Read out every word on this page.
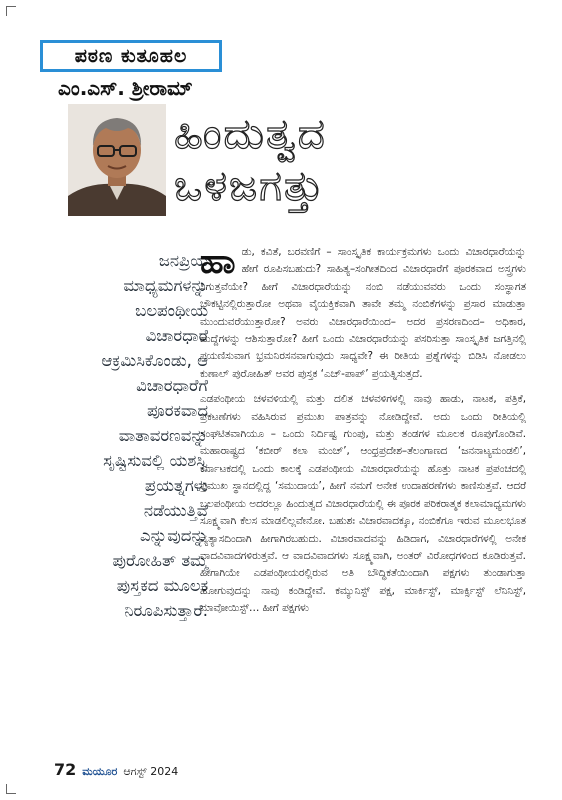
ಪಠಣ ಕುತೂಹಲ
ಎಂ.ಎಸ್. ಶ್ರೀರಾಮ್
ಹಿಂದುತ್ವದ
ಒಳಜಗತ್ತು
ಜನಪ್ರಿಯ ಮಾಧ್ಯಮಗಳನ್ನು ಬಲಪಂಥೀಯ ವಿಚಾರಧಾರೆ ಆಕ್ರಮಿಸಿಕೊಂಡು, ಆ ವಿಚಾರಧಾರೆಗೆ ಪೂರಕವಾದ ವಾತಾವರಣವನ್ನು ಸೃಷ್ಟಿಸುವಲ್ಲಿ ಯಶಸ್ವಿ ಪ್ರಯತ್ನಗಳು ನಡೆಯುತ್ತಿವೆ ಎನ್ನುವುದನ್ನು ಪುರೋಹಿತ್ ತಮ್ಮ ಪುಸ್ತಕದ ಮೂಲಕ ನಿರೂಪಿಸುತ್ತಾರೆ.

ಹಾಡು, ಕವಿತೆ, ಬರವಣಿಗೆ – ಸಾಂಸ್ಕೃತಿಕ ಕಾರ್ಯಕ್ರಮಗಳು ಒಂದು ವಿಚಾರಧಾರೆಯನ್ನು ಹೇಗೆ ರೂಪಿಸಬಹುದು? ಸಾಹಿತ್ಯ–ಸಂಗೀತದಿಂದ ವಿಚಾರಧಾರೆಗೆ ಪೂರಕವಾದ ಅಸ್ತ್ರಗಳು ಸಿಗುತ್ತವೆಯೇ? ಹೀಗೆ ವಿಚಾರಧಾರೆಯನ್ನು ನಂಬಿ ನಡೆಯುವವರು ಒಂದು ಸಂಸ್ಥಾಗತ ಚೌಕಟ್ಟಿನಲ್ಲಿರುತ್ತಾರೋ ಅಥವಾ ವೈಯಕ್ತಿಕವಾಗಿ ತಾವೇ ತಮ್ಮ ನಂಬಿಕೆಗಳನ್ನು ಪ್ರಸಾರ ಮಾಡುತ್ತಾ ಮುಂದುವರೆಯುತ್ತಾರೋ? ಅವರು ವಿಚಾರಧಾರೆಯಿಂದ– ಅದರ ಪ್ರಸರಣದಿಂದ– ಅಧಿಕಾರ, ಹುದ್ದೆಗಳನ್ನು ಆಶಿಸುತ್ತಾರೋ? ಹೀಗೆ ಒಂದು ವಿಚಾರಧಾರೆಯನ್ನು ಪಸರಿಸುತ್ತಾ ಸಾಂಸ್ಕೃತಿಕ ಜಗತ್ತಿನಲ್ಲಿ ಪಯಣಿಸುವಾಗ ಭ್ರಮನಿರಸನವಾಗುವುದು ಸಾಧ್ಯವೇ? ಈ ರೀತಿಯ ಪ್ರಶ್ನೆಗಳನ್ನು ಬಿಡಿಸಿ ನೋಡಲು ಕುಣಾಲ್ ಪುರೋಹಿತ್ ಅವರ ಪುಸ್ತಕ ‘ಎಚ್-ಪಾಪ್’ ಪ್ರಯತ್ನಿಸುತ್ತದೆ.

ಎಡಪಂಥೀಯ ಚಳವಳಿಯಲ್ಲಿ ಮತ್ತು ದಲಿತ ಚಳವಳಿಗಳಲ್ಲಿ ನಾವು ಹಾಡು, ನಾಟಕ, ಪತ್ರಿಕೆ, ಪ್ರಕಟಣೆಗಳು ವಹಿಸಿರುವ ಪ್ರಮುಖ ಪಾತ್ರವನ್ನು ನೋಡಿದ್ದೇವೆ. ಅದು ಒಂದು ರೀತಿಯಲ್ಲಿ ಸಂಘಟಿತವಾಗಿಯೂ – ಒಂದು ನಿರ್ದಿಷ್ಟ ಗುಂಪು, ಮತ್ತು ತಂಡಗಳ ಮೂಲಕ ರೂಪುಗೊಂಡಿವೆ. ಮಹಾರಾಷ್ಟ್ರದ ‘ಕಬೀರ್ ಕಲಾ ಮಂಚ್’, ಆಂಧ್ರಪ್ರದೇಶ–ತೆಲಂಗಾಣದ ‘ಜನನಾಟ್ಯಮಂಡಲಿ’, ಕರ್ನಾಟಕದಲ್ಲಿ ಒಂದು ಕಾಲಕ್ಕೆ ಎಡಪಂಥೀಯ ವಿಚಾರಧಾರೆಯನ್ನು ಹೊತ್ತು ನಾಟಕ ಪ್ರಪಂಚದಲ್ಲಿ ಪ್ರಮುಖ ಸ್ಥಾನದಲ್ಲಿದ್ದ ‘ಸಮುದಾಯ’, ಹೀಗೆ ನಮಗೆ ಅನೇಕ ಉದಾಹರಣೆಗಳು ಕಾಣಿಸುತ್ತವೆ. ಆದರೆ ಬಲಪಂಥೀಯ ಅದರಲ್ಲೂ ಹಿಂದುತ್ವದ ವಿಚಾರಧಾರೆಯಲ್ಲಿ ಈ ಪೂರಕ ಪರಿಕರಾತ್ಮಕ ಕಲಾಮಾಧ್ಯಮಗಳು ಸೂಕ್ಷ್ಮವಾಗಿ ಕೆಲಸ ಮಾಡಲಿಲ್ಲವೇನೋ. ಬಹುಶಃ ವಿಚಾರವಾದಕ್ಕೂ, ನಂಬಿಕೆಗೂ ಇರುವ ಮೂಲಭೂತ ವ್ಯತ್ಯಾಸದಿಂದಾಗಿ ಹೀಗಾಗಿರಬಹುದು. ವಿಚಾರವಾದವನ್ನು ಹಿಡಿದಾಗ, ವಿಚಾರಧಾರೆಗಳಲ್ಲಿ ಅನೇಕ ವಾದವಿವಾದಗಳಿರುತ್ತವೆ. ಆ ವಾದವಿವಾದಗಳು ಸೂಕ್ಷ್ಮವಾಗಿ, ಅಂತರ್ ವಿರೋಧಗಳಿಂದ ಕೂಡಿರುತ್ತವೆ. ಹೀಗಾಗಿಯೇ ಎಡಪಂಥೀಯರಲ್ಲಿರುವ ಅತಿ ಬೌದ್ಧಿಕತೆಯಿಂದಾಗಿ ಪಕ್ಷಗಳು ತುಂಡಾಗುತ್ತಾ ಹೋಗುವುದನ್ನು ನಾವು ಕಂಡಿದ್ದೇವೆ. ಕಮ್ಯುನಿಸ್ಟ್ ಪಕ್ಷ, ಮಾರ್ಕಿಸ್ಟ್, ಮಾರ್ಕ್ಸಿಸ್ಟ್ ಲೆನಿನಿಸ್ಟ್, ಮಾವೋಯಿಸ್ಟ್… ಹೀಗೆ ಪಕ್ಷಗಳು

72 ಮಯೂರ ಆಗಸ್ಟ್ 2024
